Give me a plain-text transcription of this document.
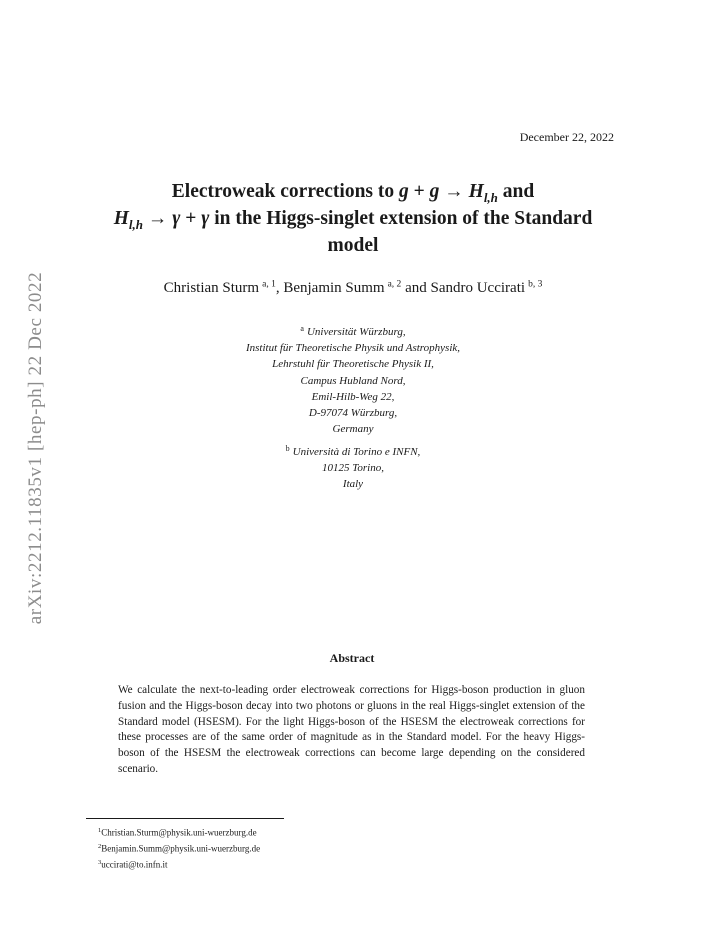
arXiv:2212.11835v1 [hep-ph] 22 Dec 2022
December 22, 2022
Electroweak corrections to $g + g \to H_{l,h}$ and
$H_{l,h} \to \gamma + \gamma$ in the Higgs-singlet extension of the Standard model
Christian Sturm  $^{a, 1}$, Benjamin Summ  $^{a, 2}$ and Sandro Uccirati  $^{b, 3}$
$^a$ Universität Würzburg,
Institut für Theoretische Physik und Astrophysik,
Lehrstuhl für Theoretische Physik II,
Campus Hubland Nord,
Emil-Hilb-Weg 22,
D-97074 Würzburg,
Germany
$^b$ Università di Torino e INFN,
10125 Torino,
Italy
Abstract
We calculate the next-to-leading order electroweak corrections for Higgs-boson production in gluon fusion and the Higgs-boson decay into two photons or gluons in the real Higgs-singlet extension of the Standard model (HSESM). For the light Higgs-boson of the HSESM the electroweak corrections for these processes are of the same order of magnitude as in the Standard model. For the heavy Higgs-boson of the HSESM the electroweak corrections can become large depending on the considered scenario.
$^1$Christian.Sturm@physik.uni-wuerzburg.de
$^2$Benjamin.Summ@physik.uni-wuerzburg.de
$^3$uccirati@to.infn.it
